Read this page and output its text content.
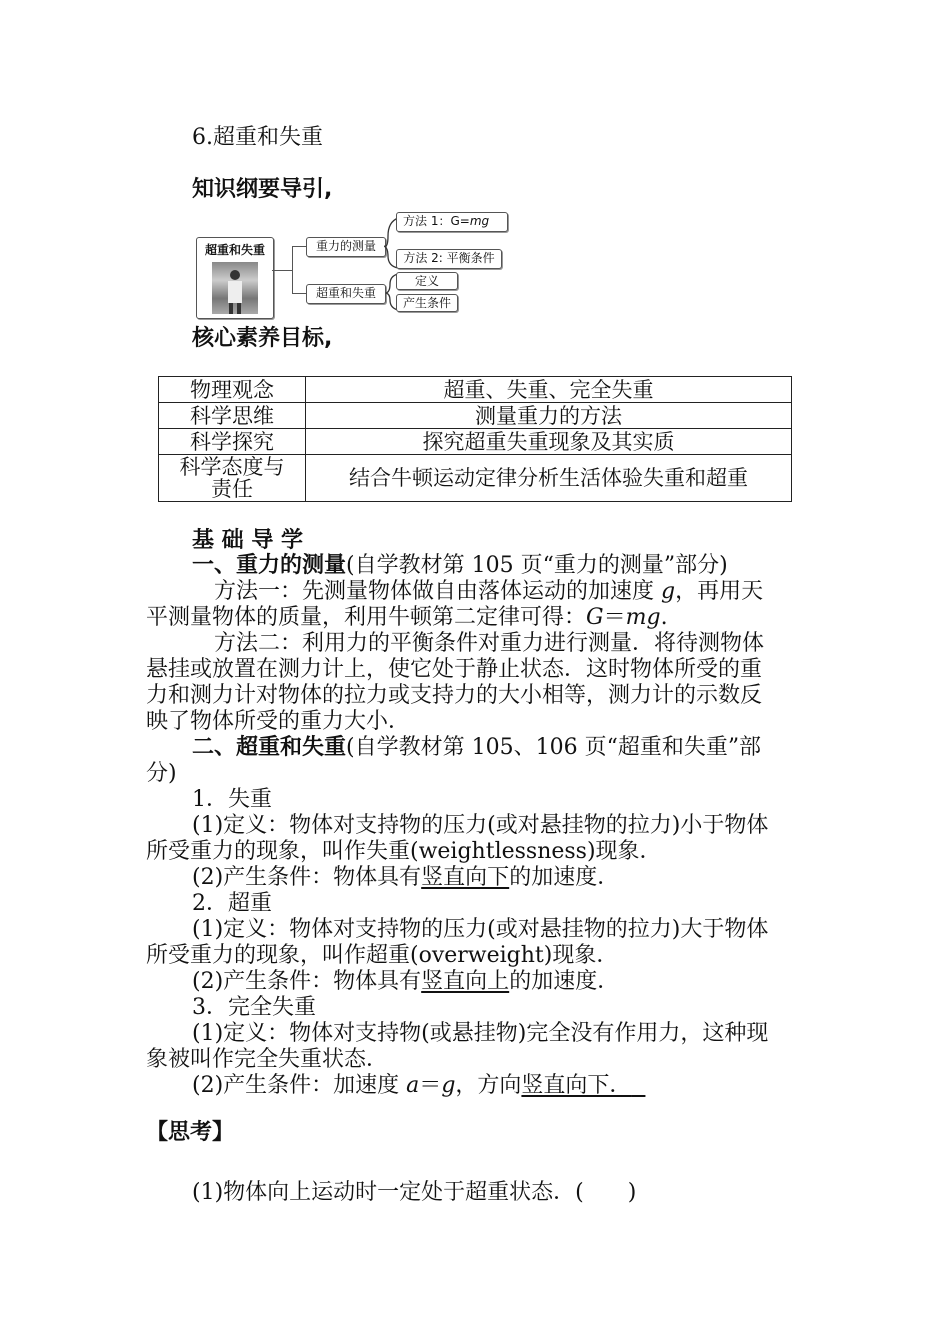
6.超重和失重
知识纲要导引,
超重和失重	重力的测量
超重和失重
方法 1：G=mg
方法 2: 平衡条件
定义
产生条件
核心素养目标,
物理观念	超重、失重、完全失重
科学思维	测量重力的方法
科学探究	探究超重失重现象及其实质

科学态度与
责任	结合牛顿运动定律分析生活体验失重和超重
基 础 导 学
一、重力的测量(自学教材第 105 页“重力的测量”部分)
方法一：先测量物体做自由落体运动的加速度 g，再用天
平测量物体的质量，利用牛顿第二定律可得：G＝mg.
方法二：利用力的平衡条件对重力进行测量．将待测物体
悬挂或放置在测力计上，使它处于静止状态．这时物体所受的重
力和测力计对物体的拉力或支持力的大小相等，测力计的示数反
映了物体所受的重力大小．
二、超重和失重(自学教材第 105、106 页“超重和失重”部
分)
1．失重
(1)定义：物体对支持物的压力(或对悬挂物的拉力)小于物体
所受重力的现象，叫作失重(weightlessness)现象．
(2)产生条件：物体具有竖直向下的加速度．
2．超重
(1)定义：物体对支持物的压力(或对悬挂物的拉力)大于物体
所受重力的现象，叫作超重(overweight)现象．
(2)产生条件：物体具有竖直向上的加速度．
3．完全失重
(1)定义：物体对支持物(或悬挂物)完全没有作用力，这种现
象被叫作完全失重状态．
(2)产生条件：加速度 a＝g，方向竖直向下．
【思考】
(1)物体向上运动时一定处于超重状态．(　　)
